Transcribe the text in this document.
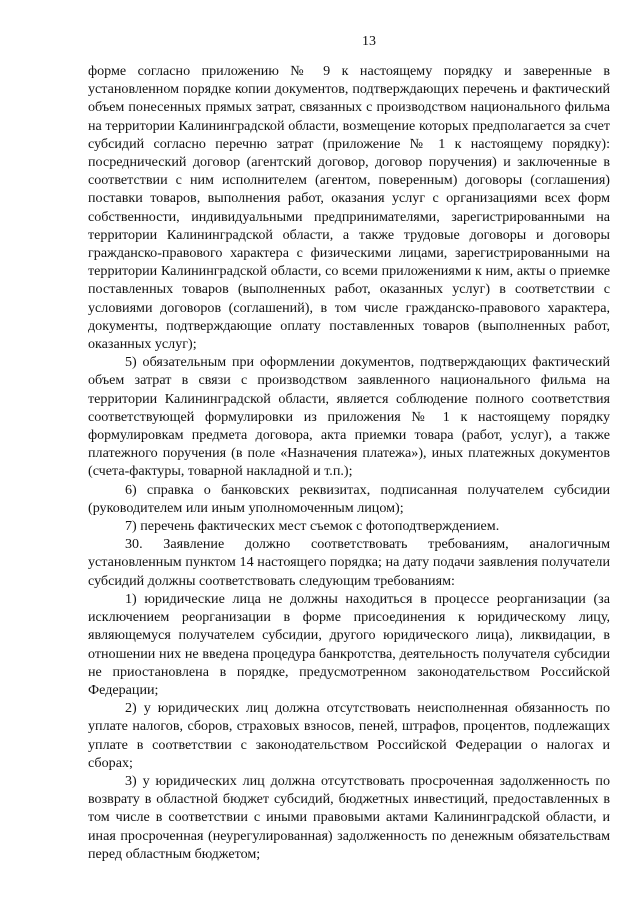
13

форме согласно приложению № 9 к настоящему порядку и заверенные в установленном порядке копии документов, подтверждающих перечень и фактический объем понесенных прямых затрат, связанных с производством национального фильма на территории Калининградской области, возмещение которых предполагается за счет субсидий согласно перечню затрат (приложение № 1 к настоящему порядку): посреднический договор (агентский договор, договор поручения) и заключенные в соответствии с ним исполнителем (агентом, поверенным) договоры (соглашения) поставки товаров, выполнения работ, оказания услуг с организациями всех форм собственности, индивидуальными предпринимателями, зарегистрированными на территории Калининградской области, а также трудовые договоры и договоры гражданско-правового характера с физическими лицами, зарегистрированными на территории Калининградской области, со всеми приложениями к ним, акты о приемке поставленных товаров (выполненных работ, оказанных услуг) в соответствии с условиями договоров (соглашений), в том числе гражданско-правового характера, документы, подтверждающие оплату поставленных товаров (выполненных работ, оказанных услуг);

5) обязательным при оформлении документов, подтверждающих фактический объем затрат в связи с производством заявленного национального фильма на территории Калининградской области, является соблюдение полного соответствия соответствующей формулировки из приложения № 1 к настоящему порядку формулировкам предмета договора, акта приемки товара (работ, услуг), а также платежного поручения (в поле «Назначения платежа»), иных платежных документов (счета-фактуры, товарной накладной и т.п.);

6) справка о банковских реквизитах, подписанная получателем субсидии (руководителем или иным уполномоченным лицом);

7) перечень фактических мест съемок с фотоподтверждением.

30. Заявление должно соответствовать требованиям, аналогичным установленным пунктом 14 настоящего порядка; на дату подачи заявления получатели субсидий должны соответствовать следующим требованиям:

1) юридические лица не должны находиться в процессе реорганизации (за исключением реорганизации в форме присоединения к юридическому лицу, являющемуся получателем субсидии, другого юридического лица), ликвидации, в отношении них не введена процедура банкротства, деятельность получателя субсидии не приостановлена в порядке, предусмотренном законодательством Российской Федерации;

2) у юридических лиц должна отсутствовать неисполненная обязанность по уплате налогов, сборов, страховых взносов, пеней, штрафов, процентов, подлежащих уплате в соответствии с законодательством Российской Федерации о налогах и сборах;

3) у юридических лиц должна отсутствовать просроченная задолженность по возврату в областной бюджет субсидий, бюджетных инвестиций, предоставленных в том числе в соответствии с иными правовыми актами Калининградской области, и иная просроченная (неурегулированная) задолженность по денежным обязательствам перед областным бюджетом;
